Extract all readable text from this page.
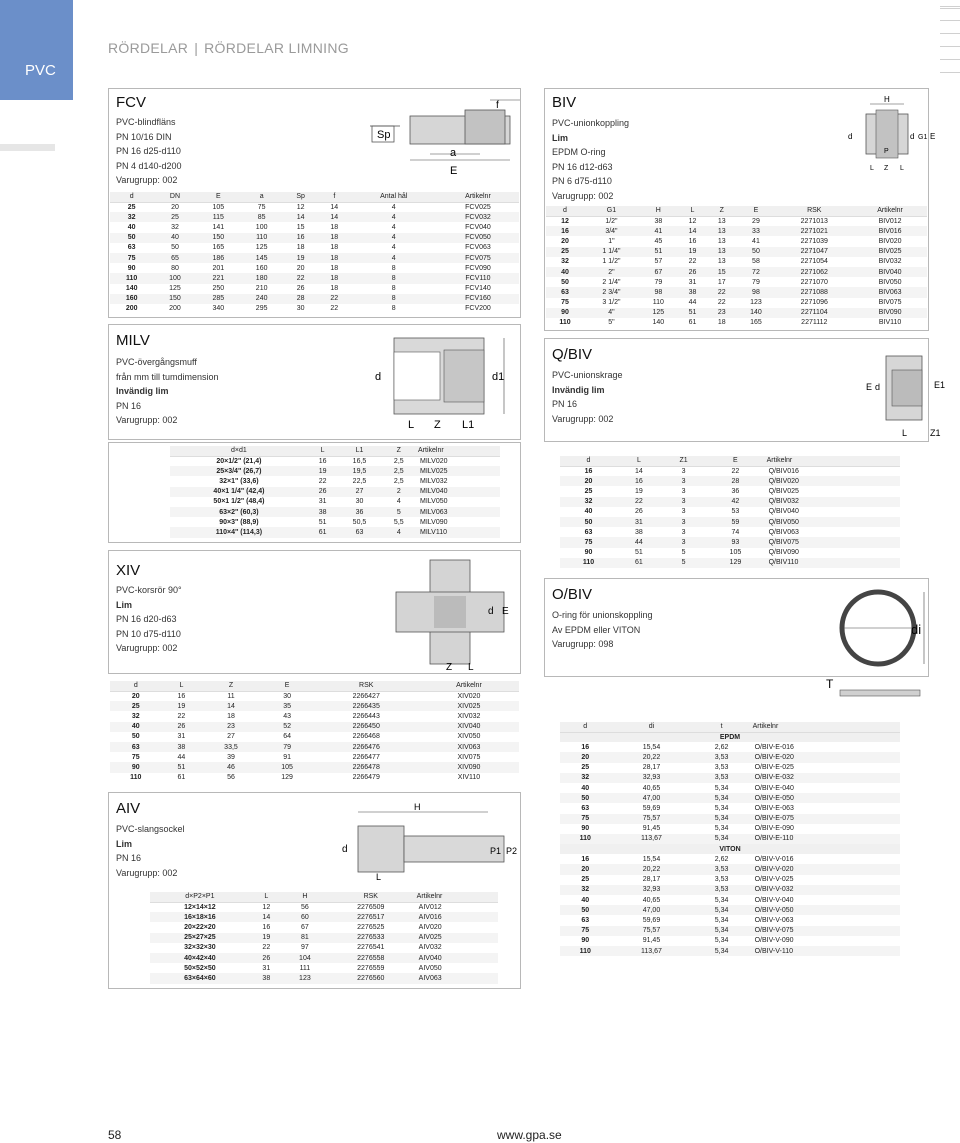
PVC
RÖRDELAR | RÖRDELAR LIMNING
FCV
PVC-blindfläns
PN 10/16 DIN
PN 16 d25-d110
PN 4 d140-d200
Varugrupp: 002
Sp
f
a
E
d	DN	E	a	Sp	f	Antal hål	Artikelnr
25	20	105	75	12	14	4	FCV025
32	25	115	85	14	14	4	FCV032
40	32	141	100	15	18	4	FCV040
50	40	150	110	16	18	4	FCV050
63	50	165	125	18	18	4	FCV063
75	65	186	145	19	18	4	FCV075
90	80	201	160	20	18	8	FCV090
110	100	221	180	22	18	8	FCV110
140	125	250	210	26	18	8	FCV140
160	150	285	240	28	22	8	FCV160
200	200	340	295	30	22	8	FCV200
MILV
PVC-övergångsmuff
från mm till tumdimension
Invändig lim
PN 16
Varugrupp: 002
d	d1
L Z L1
d×d1	L	L1	Z	Artikelnr
20×1/2" (21,4)	16	16,5	2,5	MILV020
25×3/4" (26,7)	19	19,5	2,5	MILV025
32×1" (33,6)	22	22,5	2,5	MILV032
40×1 1/4" (42,4)	26	27	2	MILV040
50×1 1/2" (48,4)	31	30	4	MILV050
63×2" (60,3)	38	36	5	MILV063
90×3" (88,9)	51	50,5	5,5	MILV090
110×4" (114,3)	61	63	4	MILV110
XIV
PVC-korsrör 90°
Lim
PN 16 d20-d63
PN 10 d75-d110
Varugrupp: 002
d E
Z L
d	L	Z	E	RSK	Artikelnr
20	16	11	30	2266427	XIV020
25	19	14	35	2266435	XIV025
32	22	18	43	2266443	XIV032
40	26	23	52	2266450	XIV040
50	31	27	64	2266468	XIV050
63	38	33,5	79	2266476	XIV063
75	44	39	91	2266477	XIV075
90	51	46	105	2266478	XIV090
110	61	56	129	2266479	XIV110
AIV
PVC-slangsockel
Lim
PN 16
Varugrupp: 002
H
d
L
P1 P2
d×P2×P1	L	H	RSK	Artikelnr
12×14×12	12	56	2276509	AIV012
16×18×16	14	60	2276517	AIV016
20×22×20	16	67	2276525	AIV020
25×27×25	19	81	2276533	AIV025
32×32×30	22	97	2276541	AIV032
40×42×40	26	104	2276558	AIV040
50×52×50	31	111	2276559	AIV050
63×64×60	38	123	2276560	AIV063
BIV
PVC-unionkoppling
Lim
EPDM O-ring
PN 16 d12-d63
PN 6 d75-d110
Varugrupp: 002
H
d	d G1 E
P
L Z L
d	G1	H	L	Z	E	RSK	Artikelnr
12	1/2"	38	12	13	29	2271013	BIV012
16	3/4"	41	14	13	33	2271021	BIV016
20	1"	45	16	13	41	2271039	BIV020
25	1 1/4"	51	19	13	50	2271047	BIV025
32	1 1/2"	57	22	13	58	2271054	BIV032
40	2"	67	26	15	72	2271062	BIV040
50	2 1/4"	79	31	17	79	2271070	BIV050
63	2 3/4"	98	38	22	98	2271088	BIV063
75	3 1/2"	110	44	22	123	2271096	BIV075
90	4"	125	51	23	140	2271104	BIV090
110	5"	140	61	18	165	2271112	BIV110
Q/BIV
PVC-unionskrage
Invändig lim
PN 16
Varugrupp: 002
E d	E1
L	Z1
d	L	Z1	E	Artikelnr
16	14	3	22	Q/BIV016
20	16	3	28	Q/BIV020
25	19	3	36	Q/BIV025
32	22	3	42	Q/BIV032
40	26	3	53	Q/BIV040
50	31	3	59	Q/BIV050
63	38	3	74	Q/BIV063
75	44	3	93	Q/BIV075
90	51	5	105	Q/BIV090
110	61	5	129	Q/BIV110
O/BIV
O-ring för unionskoppling
Av EPDM eller VITON
Varugrupp: 098
di
T
d	di	t	Artikelnr
EPDM			
16	15,54	2,62	O/BIV-E-016
20	20,22	3,53	O/BIV-E-020
25	28,17	3,53	O/BIV-E-025
32	32,93	3,53	O/BIV-E-032
40	40,65	5,34	O/BIV-E-040
50	47,00	5,34	O/BIV-E-050
63	59,69	5,34	O/BIV-E-063
75	75,57	5,34	O/BIV-E-075
90	91,45	5,34	O/BIV-E-090
110	113,67	5,34	O/BIV-E-110
VITON			
16	15,54	2,62	O/BIV-V-016
20	20,22	3,53	O/BIV-V-020
25	28,17	3,53	O/BIV-V-025
32	32,93	3,53	O/BIV-V-032
40	40,65	5,34	O/BIV-V-040
50	47,00	5,34	O/BIV-V-050
63	59,69	5,34	O/BIV-V-063
75	75,57	5,34	O/BIV-V-075
90	91,45	5,34	O/BIV-V-090
110	113,67	5,34	O/BIV-V-110
58	www.gpa.se
